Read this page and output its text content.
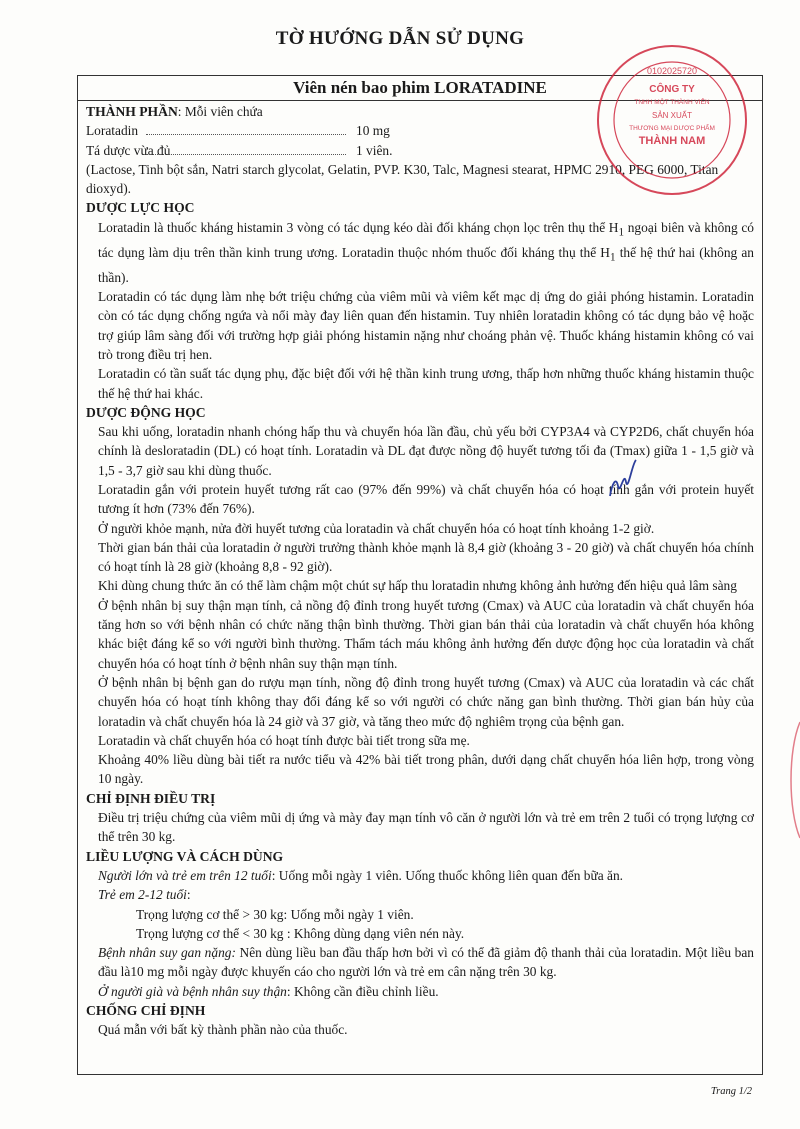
TỜ HƯỚNG DẪN SỬ DỤNG
Viên nén bao phim LORATADINE

THÀNH PHẦN: Mỗi viên chứa

Loratadin	10 mg
Tá dược vừa đủ	1 viên.

(Lactose, Tinh bột sắn, Natri starch glycolat, Gelatin, PVP. K30, Talc, Magnesi stearat, HPMC 2910, PEG 6000, Titan dioxyd).

DƯỢC LỰC HỌC

Loratadin là thuốc kháng histamin 3 vòng có tác dụng kéo dài đối kháng chọn lọc trên thụ thể $H_1$ ngoại biên và không có tác dụng làm dịu trên thần kinh trung ương. Loratadin thuộc nhóm thuốc đối kháng thụ thể $H_1$ thế hệ thứ hai (không an thần).

Loratadin có tác dụng làm nhẹ bớt triệu chứng của viêm mũi và viêm kết mạc dị ứng do giải phóng histamin. Loratadin còn có tác dụng chống ngứa và nổi mày đay liên quan đến histamin. Tuy nhiên loratadin không có tác dụng bảo vệ hoặc trợ giúp lâm sàng đối với trường hợp giải phóng histamin nặng như choáng phản vệ. Thuốc kháng histamin không có vai trò trong điều trị hen.

Loratadin có tần suất tác dụng phụ, đặc biệt đối với hệ thần kinh trung ương, thấp hơn những thuốc kháng histamin thuộc thế hệ thứ hai khác.

DƯỢC ĐỘNG HỌC

Sau khi uống, loratadin nhanh chóng hấp thu và chuyển hóa lần đầu, chủ yếu bởi CYP3A4 và CYP2D6, chất chuyển hóa chính là desloratadin (DL) có hoạt tính. Loratadin và DL đạt được nồng độ huyết tương tối đa (Tmax) giữa 1 - 1,5 giờ và 1,5 - 3,7 giờ sau khi dùng thuốc.

Loratadin gắn với protein huyết tương rất cao (97% đến 99%) và chất chuyển hóa có hoạt tính gắn với protein huyết tương ít hơn (73% đến 76%).

Ở người khỏe mạnh, nửa đời huyết tương của loratadin và chất chuyển hóa có hoạt tính khoảng 1-2 giờ.

Thời gian bán thải của loratadin ở người trưởng thành khỏe mạnh là 8,4 giờ (khoảng 3 - 20 giờ) và chất chuyển hóa chính có hoạt tính là 28 giờ (khoảng 8,8 - 92 giờ).

Khi dùng chung thức ăn có thể làm chậm một chút sự hấp thu loratadin nhưng không ảnh hưởng đến hiệu quả lâm sàng

Ở bệnh nhân bị suy thận mạn tính, cả nồng độ đỉnh trong huyết tương (Cmax) và AUC của loratadin và chất chuyển hóa tăng hơn so với bệnh nhân có chức năng thận bình thường. Thời gian bán thải của loratadin và chất chuyển hóa không khác biệt đáng kể so với người bình thường. Thẩm tách máu không ảnh hưởng đến dược động học của loratadin và chất chuyển hóa có hoạt tính ở bệnh nhân suy thận mạn tính.

Ở bệnh nhân bị bệnh gan do rượu mạn tính, nồng độ đỉnh trong huyết tương (Cmax) và AUC của loratadin và các chất chuyển hóa có hoạt tính không thay đổi đáng kể so với người có chức năng gan bình thường. Thời gian bán hủy của loratadin và chất chuyển hóa là 24 giờ và 37 giờ, và tăng theo mức độ nghiêm trọng của bệnh gan.

Loratadin và chất chuyển hóa có hoạt tính được bài tiết trong sữa mẹ.

Khoảng 40% liều dùng bài tiết ra nước tiểu và 42% bài tiết trong phân, dưới dạng chất chuyển hóa liên hợp, trong vòng 10 ngày.

CHỈ ĐỊNH ĐIỀU TRỊ

Điều trị triệu chứng của viêm mũi dị ứng và mày đay mạn tính vô căn ở người lớn và trẻ em trên 2 tuổi có trọng lượng cơ thể trên 30 kg.

LIỀU LƯỢNG VÀ CÁCH DÙNG

Người lớn và trẻ em trên 12 tuổi: Uống mỗi ngày 1 viên. Uống thuốc không liên quan đến bữa ăn.

Trẻ em 2-12 tuổi:

Trọng lượng cơ thể > 30 kg: Uống mỗi ngày 1 viên.

Trọng lượng cơ thể < 30 kg : Không dùng dạng viên nén này.

Bệnh nhân suy gan nặng: Nên dùng liều ban đầu thấp hơn bởi vì có thể đã giảm độ thanh thải của loratadin. Một liều ban đầu là10 mg mỗi ngày được khuyến cáo cho người lớn và trẻ em cân nặng trên 30 kg.

Ở người già và bệnh nhân suy thận: Không cần điều chỉnh liều.

CHỐNG CHỈ ĐỊNH

Quá mẫn với bất kỳ thành phần nào của thuốc.

Trang 1/2
0102025720
CÔNG TY
TNHH MỘT THÀNH VIÊN
SẢN XUẤT
THƯƠNG MẠI DƯỢC PHẨM
THÀNH NAM
